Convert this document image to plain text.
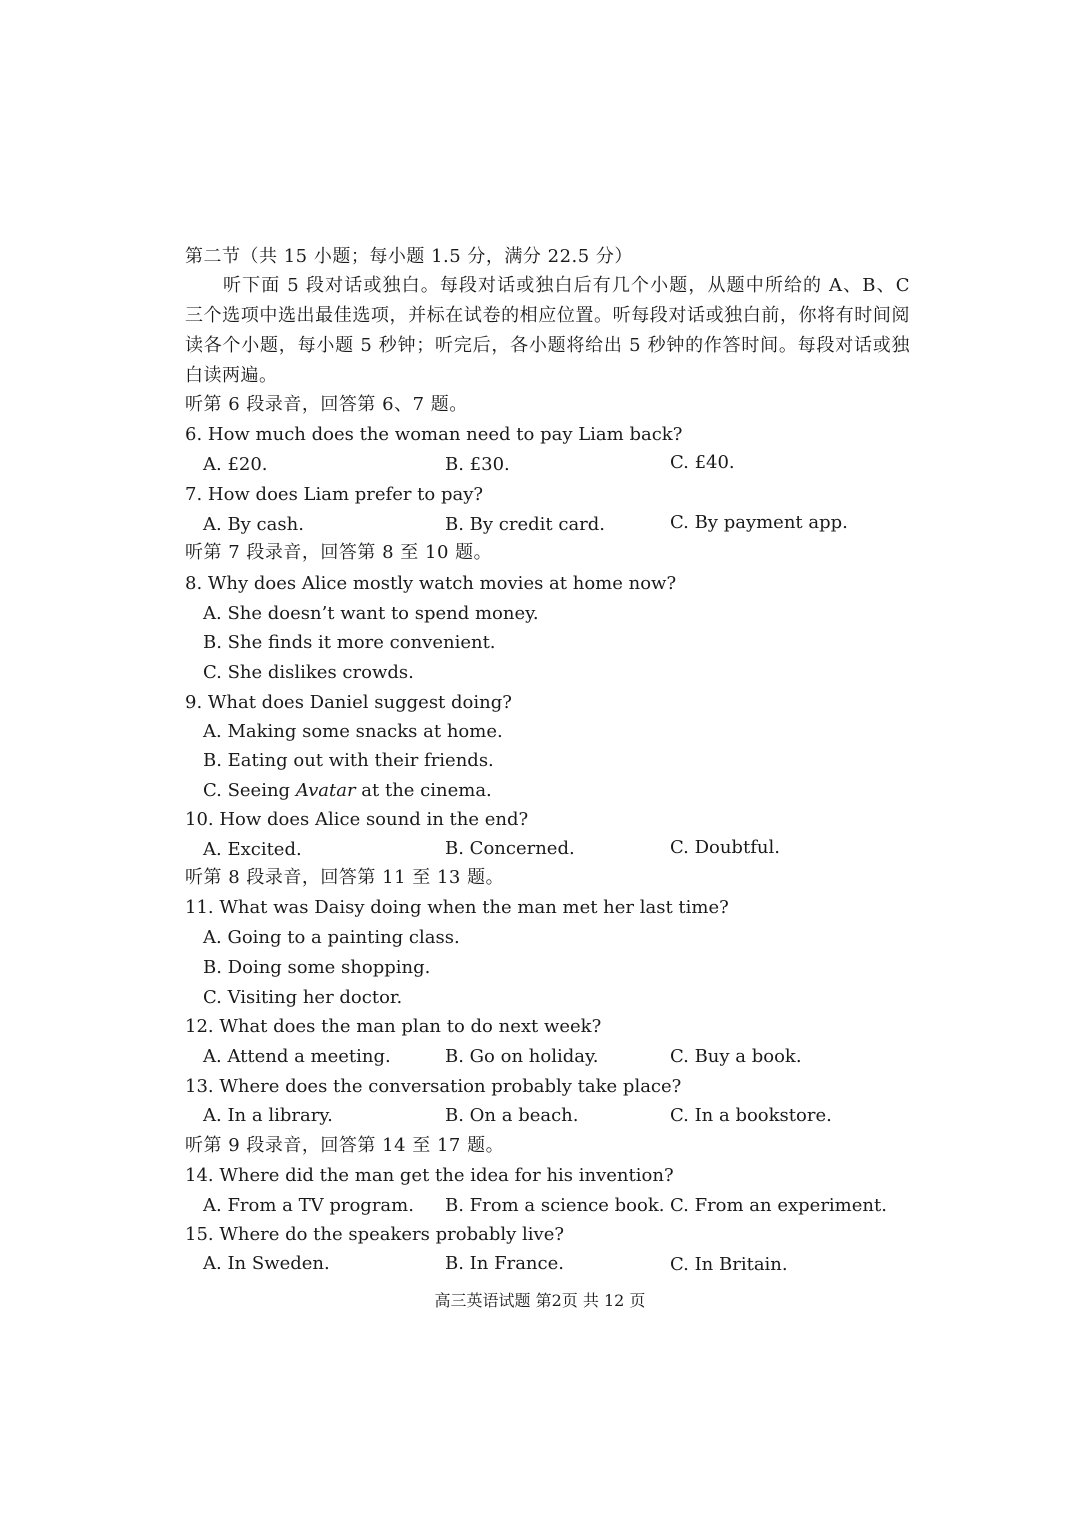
第二节（共 15 小题；每小题 1.5 分，满分 22.5 分）
听下面 5 段对话或独白。每段对话或独白后有几个小题，从题中所给的 A、B、C 三个选项中选出最佳选项，并标在试卷的相应位置。听每段对话或独白前，你将有时间阅读各个小题，每小题 5 秒钟；听完后，各小题将给出 5 秒钟的作答时间。每段对话或独白读两遍。
听第 6 段录音，回答第 6、7 题。
6. How much does the woman need to pay Liam back?
A. £20.	B. £30.	C. £40.
7. How does Liam prefer to pay?
A. By cash.	B. By credit card.	C. By payment app.
听第 7 段录音，回答第 8 至 10 题。
8. Why does Alice mostly watch movies at home now?
A. She doesn’t want to spend money.
B. She finds it more convenient.
C. She dislikes crowds.
9. What does Daniel suggest doing?
A. Making some snacks at home.
B. Eating out with their friends.
C. Seeing Avatar at the cinema.
10. How does Alice sound in the end?
A. Excited.	B. Concerned.	C. Doubtful.
听第 8 段录音，回答第 11 至 13 题。
11. What was Daisy doing when the man met her last time?
A. Going to a painting class.
B. Doing some shopping.
C. Visiting her doctor.
12. What does the man plan to do next week?
A. Attend a meeting.	B. Go on holiday.	C. Buy a book.
13. Where does the conversation probably take place?
A. In a library.	B. On a beach.	C. In a bookstore.
听第 9 段录音，回答第 14 至 17 题。
14. Where did the man get the idea for his invention?
A. From a TV program. B. From a science book. C. From an experiment.
15. Where do the speakers probably live?
A. In Sweden.	B. In France.	C. In Britain.
高三英语试题 第2页 共 12 页
